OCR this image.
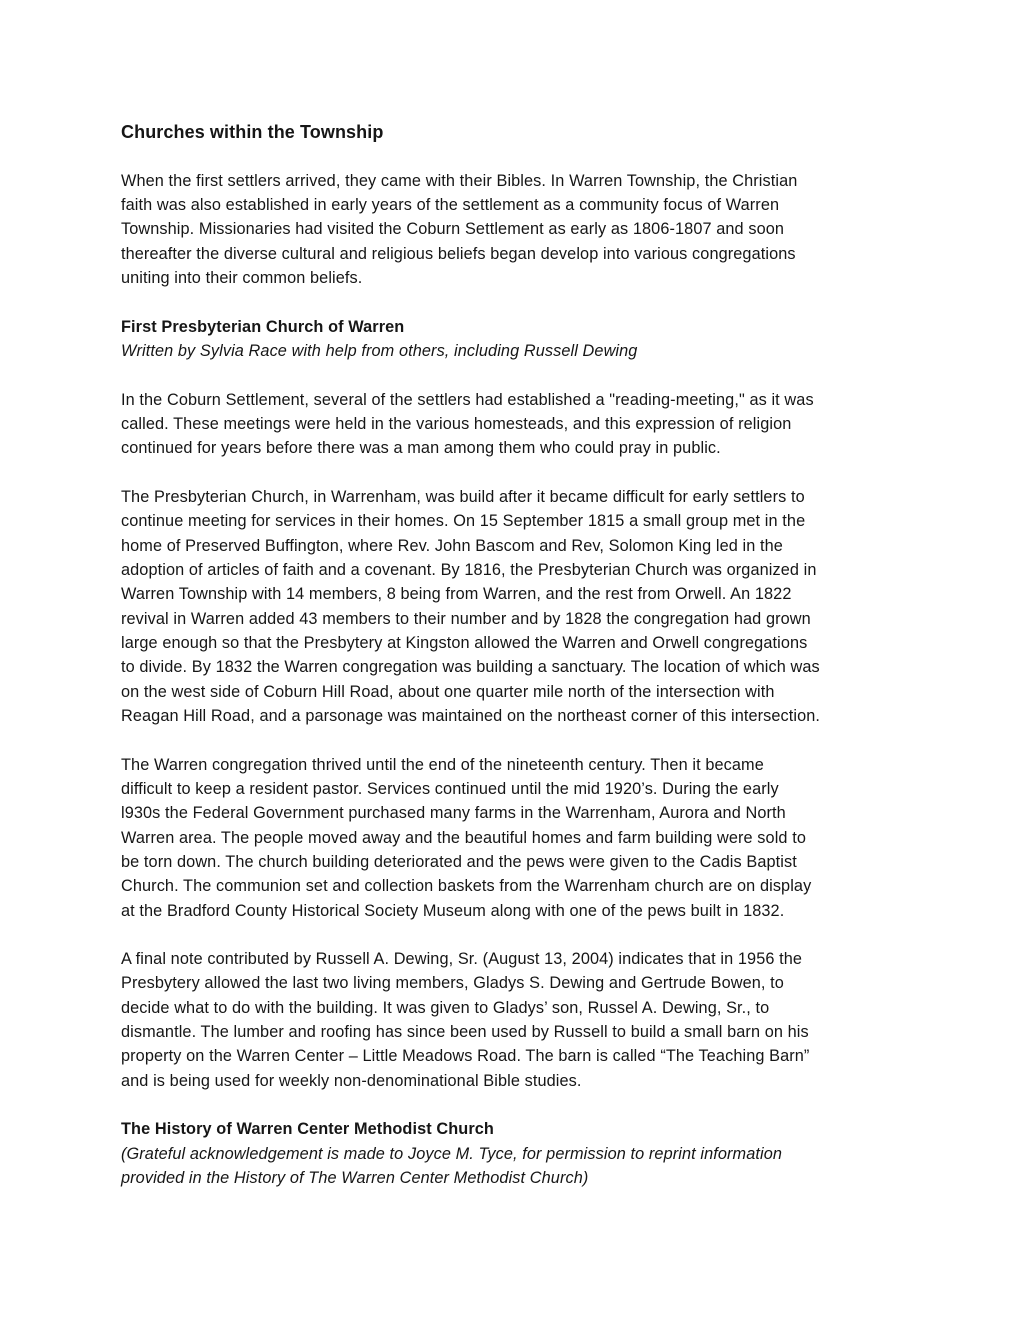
Churches within the Township
When the first settlers arrived, they came with their Bibles. In Warren Township, the Christian
faith was also established in early years of the settlement as a community focus of Warren
Township. Missionaries had visited the Coburn Settlement as early as 1806-1807 and soon
thereafter the diverse cultural and religious beliefs began develop into various congregations
uniting into their common beliefs.
First Presbyterian Church of Warren
Written by Sylvia Race with help from others, including Russell Dewing
In the Coburn Settlement, several of the settlers had established a "reading-meeting," as it was
called. These meetings were held in the various homesteads, and this expression of religion
continued for years before there was a man among them who could pray in public.
The Presbyterian Church, in Warrenham, was build after it became difficult for early settlers to
continue meeting for services in their homes. On 15 September 1815 a small group met in the
home of Preserved Buffington, where Rev. John Bascom and Rev, Solomon King led in the
adoption of articles of faith and a covenant. By 1816, the Presbyterian Church was organized in
Warren Township with 14 members, 8 being from Warren, and the rest from Orwell. An 1822
revival in Warren added 43 members to their number and by 1828 the congregation had grown
large enough so that the Presbytery at Kingston allowed the Warren and Orwell congregations
to divide. By 1832 the Warren congregation was building a sanctuary. The location of which was
on the west side of Coburn Hill Road, about one quarter mile north of the intersection with
Reagan Hill Road, and a parsonage was maintained on the northeast corner of this intersection.
The Warren congregation thrived until the end of the nineteenth century. Then it became
difficult to keep a resident pastor. Services continued until the mid 1920’s. During the early
l930s the Federal Government purchased many farms in the Warrenham, Aurora and North
Warren area. The people moved away and the beautiful homes and farm building were sold to
be torn down. The church building deteriorated and the pews were given to the Cadis Baptist
Church. The communion set and collection baskets from the Warrenham church are on display
at the Bradford County Historical Society Museum along with one of the pews built in 1832.
A final note contributed by Russell A. Dewing, Sr. (August 13, 2004) indicates that in 1956 the
Presbytery allowed the last two living members, Gladys S. Dewing and Gertrude Bowen, to
decide what to do with the building. It was given to Gladys’ son, Russel A. Dewing, Sr., to
dismantle. The lumber and roofing has since been used by Russell to build a small barn on his
property on the Warren Center – Little Meadows Road. The barn is called “The Teaching Barn”
and is being used for weekly non-denominational Bible studies.
The History of Warren Center Methodist Church
(Grateful acknowledgement is made to Joyce M. Tyce, for permission to reprint information
provided in the History of The Warren Center Methodist Church)
